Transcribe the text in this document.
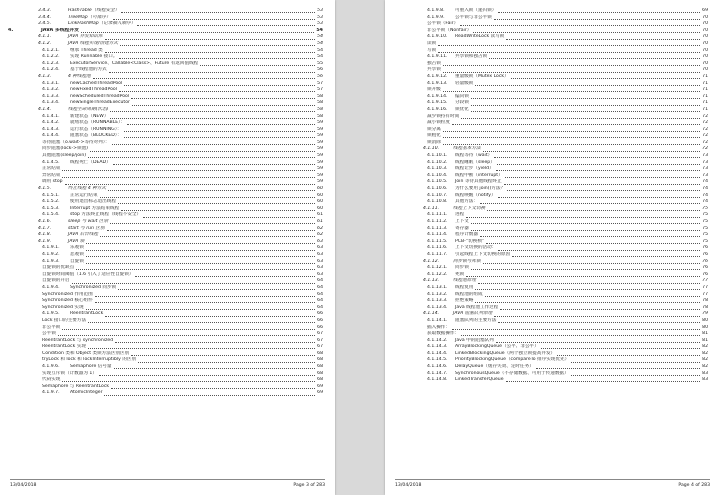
3.4.3.	HashTable（线程安全）	53
3.4.4.	TreeMap（可排序）	53
3.4.5.	LinkHashMap（记录插入顺序）	53
4.	JAVA 多线程并发	54
4.1.1.	JAVA 并发知识库	54
4.1.2.	JAVA 线程实现/创建方式	54
4.1.2.1.	继承 Thread 类	54
4.1.2.2.	实现 Runnable 接口。	54
4.1.2.3.	ExecutorService、Callable<Class>、Future 有返回值线程	55
4.1.2.4.	基于线程池的方式	56
4.1.3.	4 种线程池	56
4.1.3.1.	newCachedThreadPool	57
4.1.3.2.	newFixedThreadPool	57
4.1.3.3.	newScheduledThreadPool	58
4.1.3.4.	newSingleThreadExecutor	58
4.1.4.	线程生命周期(状态)	58
4.1.4.1.	新建状态（NEW）	58
4.1.4.2.	就绪状态（RUNNABLE）：	59
4.1.4.3.	运行状态（RUNNING）：	59
4.1.4.4.	阻塞状态（BLOCKED）：	59
等待阻塞（o.wait->等待对列）：	59
同步阻塞(lock->锁池)	59
其他阻塞(sleep/join)	59
4.1.4.5.	线程死亡（DEAD）	59
正常结束	59
异常结束	59
调用 stop	59
4.1.5.	终止线程 4 种方式	60
4.1.5.1.	正常运行结束	60
4.1.5.2.	使用退出标志退出线程	60
4.1.5.3.	Interrupt 方法结束线程	60
4.1.5.4.	stop 方法终止线程（线程不安全）	61
4.1.6.	sleep 与 wait 区别	61
4.1.7.	start 与 run 区别	62
4.1.8.	JAVA 后台线程	62
4.1.9.	JAVA 锁	63
4.1.9.1.	乐观锁	63
4.1.9.2.	悲观锁	63
4.1.9.3.	自旋锁	63
自旋锁的优缺点	63
自旋锁时间阈值（1.6 引入了适应性自旋锁）	63
自旋锁的开启	64
4.1.9.4.	Synchronized 同步锁	64
Synchronized 作用范围	64
Synchronized 核心组件	64
Synchronized 实现	64
4.1.9.5.	ReentrantLock	66
Lock 接口的主要方法	66
非公平锁	66
公平锁	67
ReentrantLock 与 synchronized	67
ReentrantLock 实现	67
Condition 类和 Object 类锁方法区别区别	68
tryLock 和 lock 和 lockInterruptibly 的区别	68
4.1.9.6.	Semaphore 信号量	68
实现互斥锁（计数器为 1）	68
代码实现	68
Semaphore 与 ReentrantLock	69
4.1.9.7.	AtomicInteger	69
13/04/2018	Page 3 of 283
4.1.9.8.	可重入锁（递归锁）	69
4.1.9.9.	公平锁与非公平锁	70
公平锁（Fair）	70
非公平锁（Nonfair）	70
4.1.9.10.	ReadWriteLock 读写锁	70
读锁	70
写锁	70
4.1.9.11.	共享锁和独占锁	70
独占锁	70
共享锁	70
4.1.9.12.	重量级锁（Mutex Lock）	71
4.1.9.13.	轻量级锁	71
锁升级	71
4.1.9.14.	偏向锁	71
4.1.9.15.	分段锁	71
4.1.9.16.	锁优化	71
减少锁持有时间	72
减小锁粒度	72
锁分离	72
锁粗化	72
锁消除	72
4.1.10.	线程基本方法	72
4.1.10.1.	线程等待（wait）	73
4.1.10.2.	线程睡眠（sleep）	73
4.1.10.3.	线程让步（yield）	73
4.1.10.4.	线程中断（interrupt）	73
4.1.10.5.	Join 等待其他线程终止	74
4.1.10.6.	为什么要用 join()方法？	74
4.1.10.7.	线程唤醒（notify）	74
4.1.10.8.	其他方法：	74
4.1.11.	线程上下文切换	75
4.1.11.1.	进程	75
4.1.11.2.	上下文	75
4.1.11.3.	寄存器	75
4.1.11.4.	程序计数器	75
4.1.11.5.	PCB-“切换桢”	75
4.1.11.6.	上下文切换的活动：	76
4.1.11.7.	引起线程上下文切换的原因	76
4.1.12.	同步锁与死锁	76
4.1.12.1.	同步锁	76
4.1.12.2.	死锁	76
4.1.13.	线程池原理	77
4.1.13.1.	线程复用	77
4.1.13.2.	线程池的组成	77
4.1.13.3.	拒绝策略	78
4.1.13.4.	Java 线程池工作过程	78
4.1.14.	JAVA 阻塞队列原理	79
4.1.14.1.	阻塞队列的主要方法	80
插入操作：	80
获取数据操作：	81
4.1.14.2.	Java 中的阻塞队列	81
4.1.14.3.	ArrayBlockingQueue（公平、非公平）	82
4.1.14.4.	LinkedBlockingQueue（两个独立锁提高并发）	82
4.1.14.5.	PriorityBlockingQueue（compareTo 排序实现优先）	82
4.1.14.6.	DelayQueue（缓存失效、定时任务）	82
4.1.14.7.	SynchronousQueue（不存储数据、可用于传递数据）	83
4.1.14.8.	LinkedTransferQueue	83
13/04/2018	Page 4 of 283
